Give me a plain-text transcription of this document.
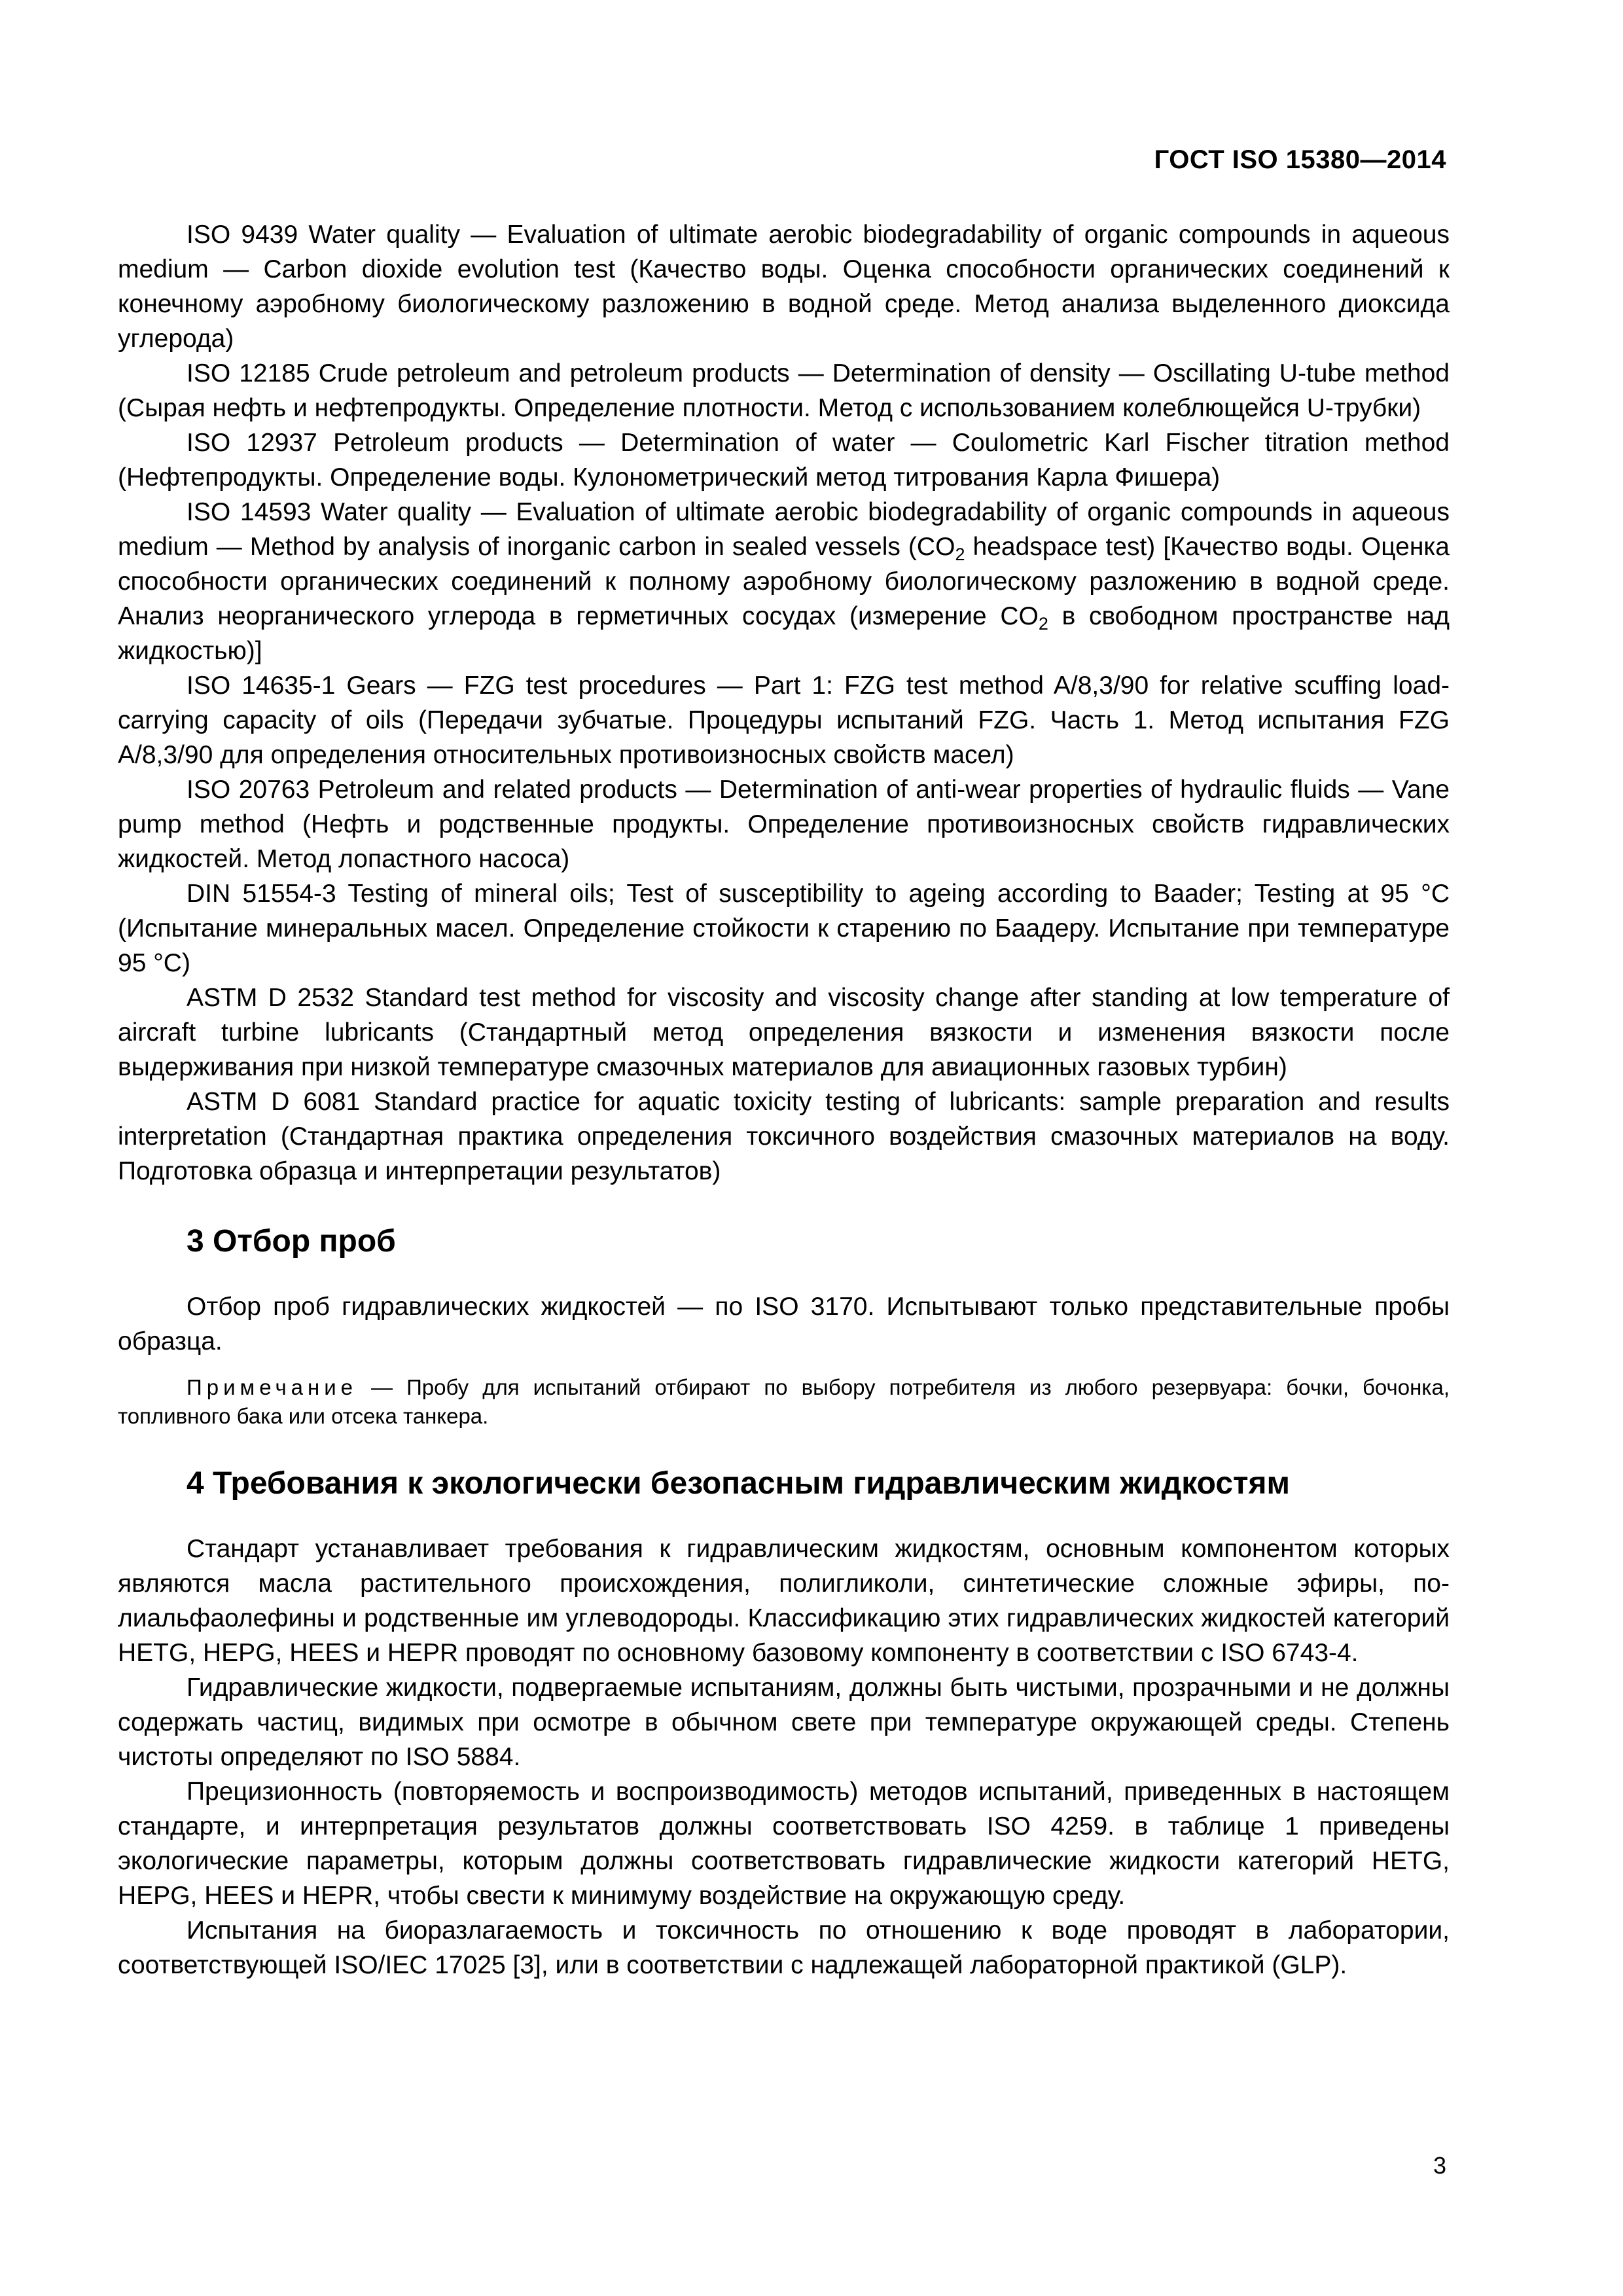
ГОСТ ISO 15380—2014

ISO 9439 Water quality — Evaluation of ultimate aerobic biodegradability of organic compounds in aqueous medium — Carbon dioxide evolution test (Качество воды. Оценка способности органических соединений к конечному аэробному биологическому разложению в водной среде. Метод анализа выделенного диоксида углерода)

ISO 12185 Crude petroleum and petroleum products — Determination of density — Oscillating U-tube method (Сырая нефть и нефтепродукты. Определение плотности. Метод с использованием колеблющейся U-трубки)

ISO 12937 Petroleum products — Determination of water — Coulometric Karl Fischer titration method (Нефтепродукты. Определение воды. Кулонометрический метод титрования Карла Фишера)

ISO 14593 Water quality — Evaluation of ultimate aerobic biodegradability of organic compounds in aqueous medium — Method by analysis of inorganic carbon in sealed vessels ($CO_2$ headspace test) [Качество воды. Оценка способности органических соединений к полному аэробному биологическому разложению в водной среде. Анализ неорганического углерода в герметичных сосудах (измерение $CO_2$ в свободном пространстве над жидкостью)]

ISO 14635-1 Gears — FZG test procedures — Part 1: FZG test method A/8,3/90 for relative scuffing load-carrying capacity of oils (Передачи зубчатые. Процедуры испытаний FZG. Часть 1. Метод испытания FZG A/8,3/90 для определения относительных противоизносных свойств масел)

ISO 20763 Petroleum and related products — Determination of anti-wear properties of hydraulic fluids — Vane pump method (Нефть и родственные продукты. Определение противоизносных свойств гидравлических жидкостей. Метод лопастного насоса)

DIN 51554-3 Testing of mineral oils; Test of susceptibility to ageing according to Baader; Testing at 95 °C (Испытание минеральных масел. Определение стойкости к старению по Баадеру. Испытание при температуре 95 °C)

ASTM D 2532 Standard test method for viscosity and viscosity change after standing at low temperature of aircraft turbine lubricants (Стандартный метод определения вязкости и изменения вязкости после выдерживания при низкой температуре смазочных материалов для авиационных газовых турбин)

ASTM D 6081 Standard practice for aquatic toxicity testing of lubricants: sample preparation and results interpretation (Стандартная практика определения токсичного воздействия смазочных материалов на воду. Подготовка образца и интерпретации результатов)

3 Отбор проб

Отбор проб гидравлических жидкостей — по ISO 3170. Испытывают только представительные пробы образца.

Примечание — Пробу для испытаний отбирают по выбору потребителя из любого резервуара: бочки, бочонка, топливного бака или отсека танкера.

4 Требования к экологически безопасным гидравлическим жидкостям

Стандарт устанавливает требования к гидравлическим жидкостям, основным компонентом которых являются масла растительного происхождения, полигликоли, синтетические сложные эфиры, полиальфаолефины и родственные им углеводороды. Классификацию этих гидравлических жидкостей категорий HETG, HEPG, HEES и HEPR проводят по основному базовому компоненту в соответствии с ISO 6743-4.

Гидравлические жидкости, подвергаемые испытаниям, должны быть чистыми, прозрачными и не должны содержать частиц, видимых при осмотре в обычном свете при температуре окружающей среды. Степень чистоты определяют по ISO 5884.

Прецизионность (повторяемость и воспроизводимость) методов испытаний, приведенных в настоящем стандарте, и интерпретация результатов должны соответствовать ISO 4259. в таблице 1 приведены экологические параметры, которым должны соответствовать гидравлические жидкости категорий HETG, HEPG, HEES и HEPR, чтобы свести к минимуму воздействие на окружающую среду.

Испытания на биоразлагаемость и токсичность по отношению к воде проводят в лаборатории, соответствующей ISO/IEC 17025 [3], или в соответствии с надлежащей лабораторной практикой (GLP).

3
